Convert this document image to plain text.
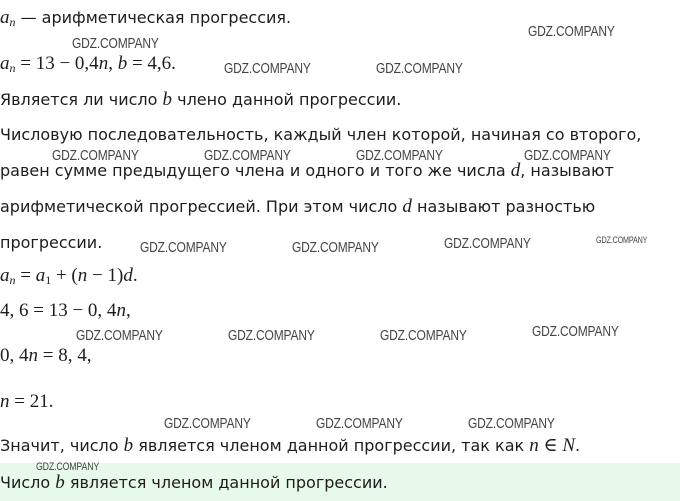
$a_n$ — арифметическая прогрессия.
$a_n = 13 - 0,4n$, b = 4,6.
Является ли число b члено данной прогрессии.
Числовую последовательность, каждый член которой, начиная со второго,
равен сумме предыдущего члена и одного и того же числа d, называют
арифметической прогрессией. При этом число d называют разностью
прогрессии.
$a_n = a_1 + (n - 1)d$.
4, 6 = 13 − 0, 4n,
0, 4n = 8, 4,
n = 21.
Значит, число b является членом данной прогрессии, так как n ∈ N.
Число b является членом данной прогрессии.
GDZ.COMPANY
GDZ.COMPANY
GDZ.COMPANY	GDZ.COMPANY
GDZ.COMPANY	GDZ.COMPANY	GDZ.COMPANY	GDZ.COMPANY
GDZ.COMPANY	GDZ.COMPANY	GDZ.COMPANY	GDZ.COMPANY
GDZ.COMPANY	GDZ.COMPANY	GDZ.COMPANY	GDZ.COMPANY
GDZ.COMPANY	GDZ.COMPANY	GDZ.COMPANY
GDZ.COMPANY
